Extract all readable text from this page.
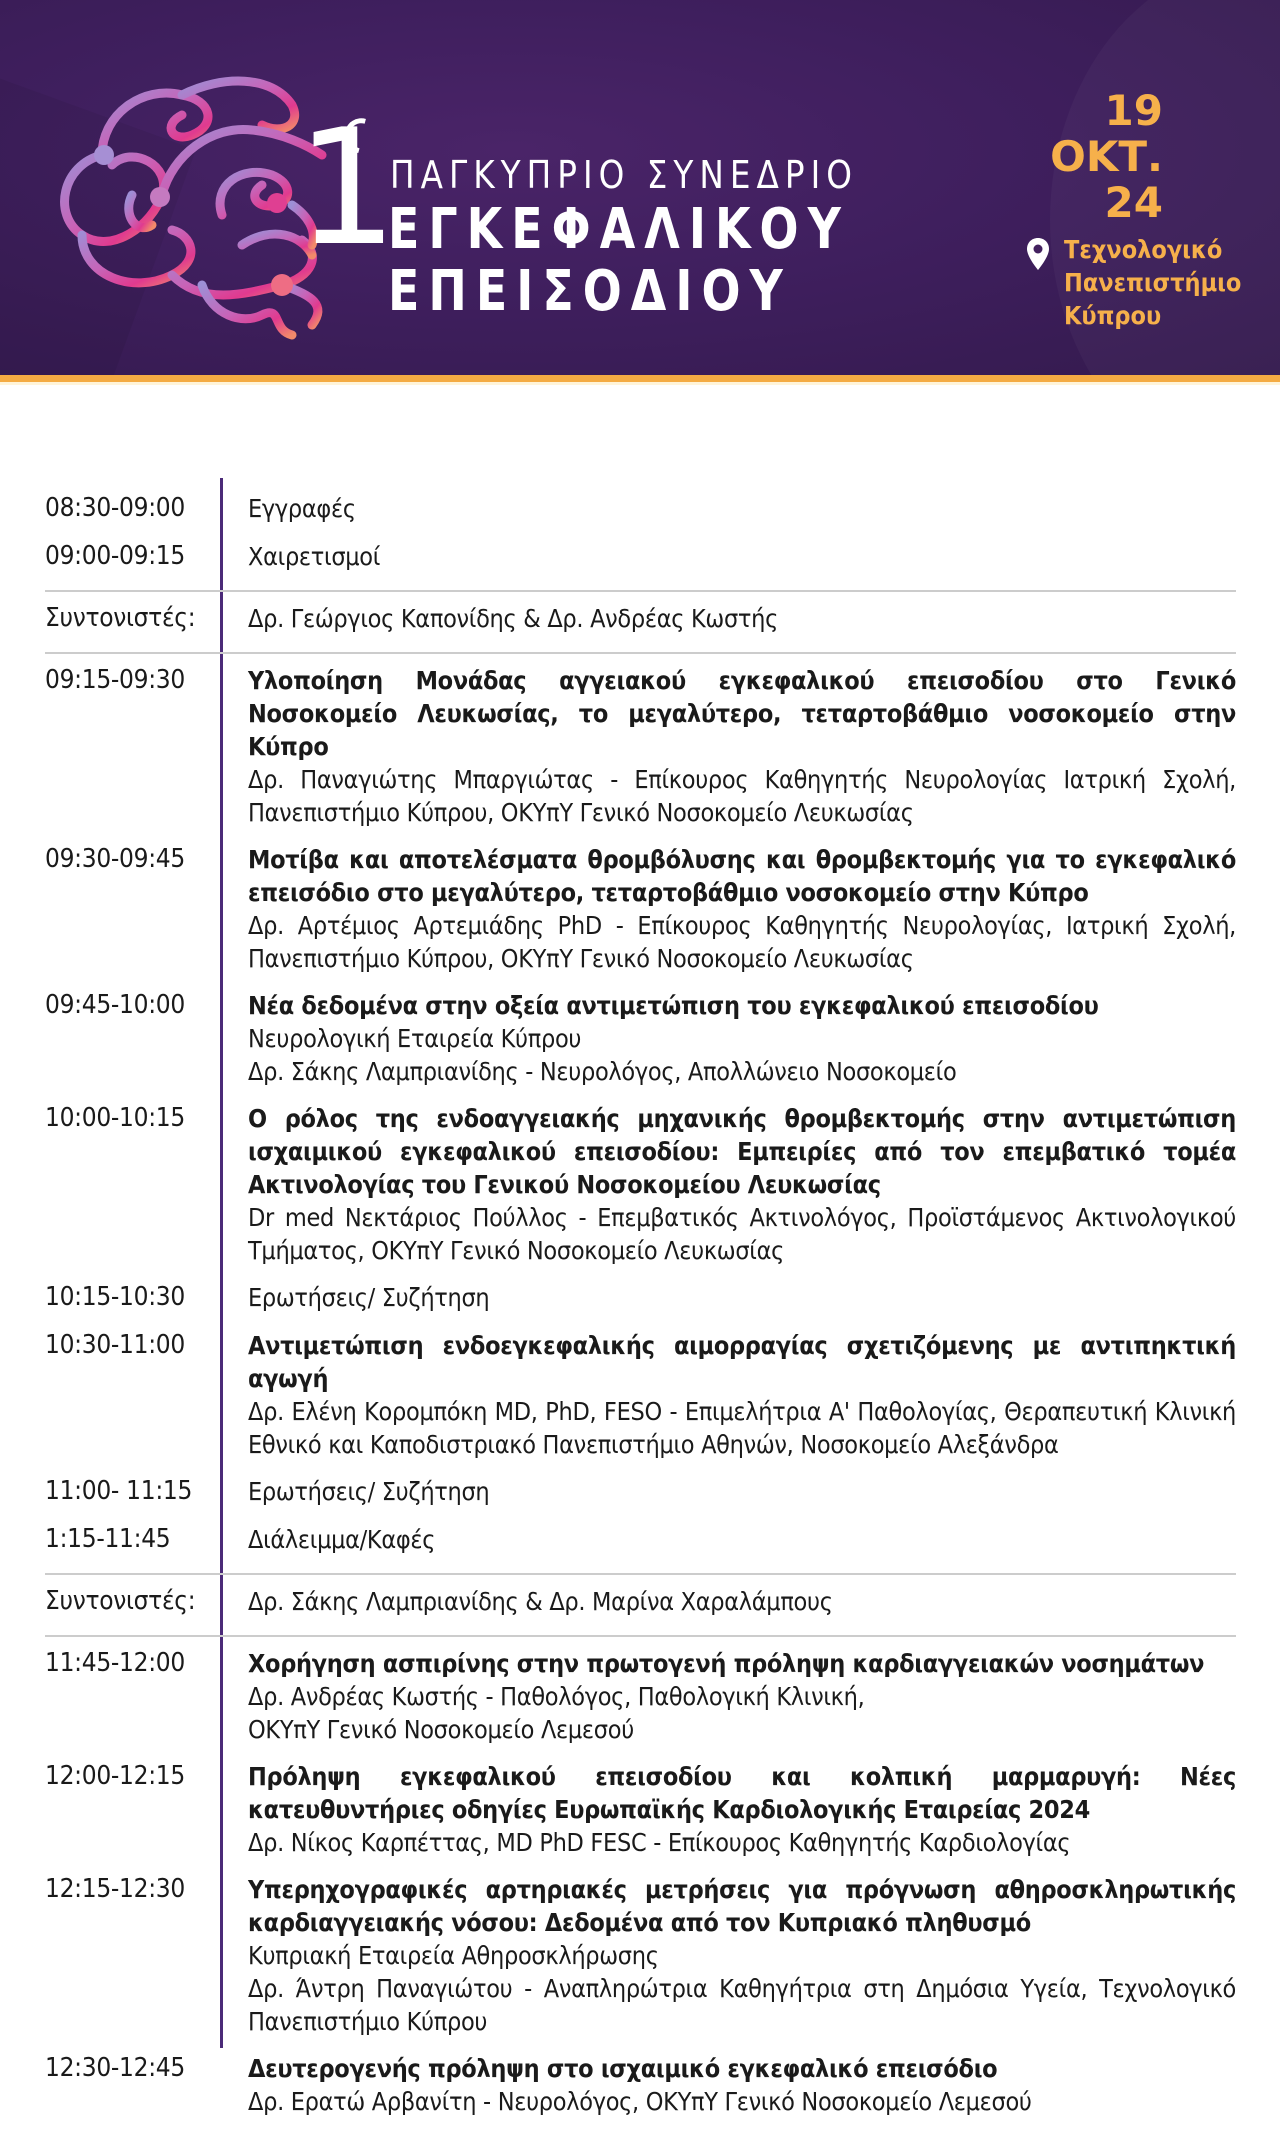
1
ΠΑΓΚΥΠΡΙΟ ΣΥΝΕΔΡΙΟ
ΕΓΚΕΦΑΛΙΚΟΥ
ΕΠΕΙΣΟΔΙΟΥ
19
ΟΚΤ.
24
Τεχνολογικό
Πανεπιστήμιο
Κύπρου
08:30-09:00	Εγγραφές
09:00-09:15	Χαιρετισμοί
Συντονιστές:	Δρ. Γεώργιος Καπονίδης & Δρ. Ανδρέας Κωστής
09:15-09:30	Υλοποίηση Μονάδας αγγειακού εγκεφαλικού επεισοδίου στο Γενικό Νοσοκομείο Λευκωσίας, το μεγαλύτερο, τεταρτοβάθμιο νοσοκομείο στην Κύπρο
Δρ. Παναγιώτης Μπαργιώτας - Επίκουρος Καθηγητής Νευρολογίας Ιατρική Σχολή, Πανεπιστήμιο Κύπρου, ΟΚΥπΥ Γενικό Νοσοκομείο Λευκωσίας
09:30-09:45	Μοτίβα και αποτελέσματα θρομβόλυσης και θρομβεκτομής για το εγκεφαλικό επεισόδιο στο μεγαλύτερο, τεταρτοβάθμιο νοσοκομείο στην Κύπρο
Δρ. Αρτέμιος Αρτεμιάδης PhD - Επίκουρος Καθηγητής Νευρολογίας, Ιατρική Σχολή, Πανεπιστήμιο Κύπρου, ΟΚΥπΥ Γενικό Νοσοκομείο Λευκωσίας
09:45-10:00	Νέα δεδομένα στην οξεία αντιμετώπιση του εγκεφαλικού επεισοδίου
Νευρολογική Εταιρεία Κύπρου
Δρ. Σάκης Λαμπριανίδης - Νευρολόγος, Απολλώνειο Νοσοκομείο
10:00-10:15	Ο ρόλος της ενδοαγγειακής μηχανικής θρομβεκτομής στην αντιμετώπιση ισχαιμικού εγκεφαλικού επεισοδίου: Εμπειρίες από τον επεμβατικό τομέα Ακτινολογίας του Γενικού Νοσοκομείου Λευκωσίας
Dr med Νεκτάριος Πούλλος - Επεμβατικός Ακτινολόγος, Προϊστάμενος Ακτινολογικού Τμήματος, ΟΚΥπΥ Γενικό Νοσοκομείο Λευκωσίας
10:15-10:30	Ερωτήσεις/ Συζήτηση
10:30-11:00	Αντιμετώπιση ενδοεγκεφαλικής αιμορραγίας σχετιζόμενης με αντιπηκτική αγωγή
Δρ. Ελένη Κορομπόκη MD, PhD, FESO - Επιμελήτρια Α' Παθολογίας, Θεραπευτική Κλινική Εθνικό και Καποδιστριακό Πανεπιστήμιο Αθηνών, Νοσοκομείο Αλεξάνδρα
11:00- 11:15	Ερωτήσεις/ Συζήτηση
1:15-11:45	Διάλειμμα/Καφές
Συντονιστές:	Δρ. Σάκης Λαμπριανίδης & Δρ. Μαρίνα Χαραλάμπους
11:45-12:00	Χορήγηση ασπιρίνης στην πρωτογενή πρόληψη καρδιαγγειακών νοσημάτων
Δρ. Ανδρέας Κωστής - Παθολόγος, Παθολογική Κλινική,
ΟΚΥπΥ Γενικό Νοσοκομείο Λεμεσού
12:00-12:15	Πρόληψη εγκεφαλικού επεισοδίου και κολπική μαρμαρυγή: Νέες κατευθυντήριες οδηγίες Ευρωπαϊκής Καρδιολογικής Εταιρείας 2024
Δρ. Νίκος Καρπέττας, MD PhD FESC - Επίκουρος Καθηγητής Καρδιολογίας
12:15-12:30	Υπερηχογραφικές αρτηριακές μετρήσεις για πρόγνωση αθηροσκληρωτικής καρδιαγγειακής νόσου: Δεδομένα από τον Κυπριακό πληθυσμό
Κυπριακή Εταιρεία Αθηροσκλήρωσης
Δρ. Άντρη Παναγιώτου - Αναπληρώτρια Καθηγήτρια στη Δημόσια Υγεία, Τεχνολογικό Πανεπιστήμιο Κύπρου
12:30-12:45	Δευτερογενής πρόληψη στο ισχαιμικό εγκεφαλικό επεισόδιο
Δρ. Ερατώ Αρβανίτη - Νευρολόγος, ΟΚΥπΥ Γενικό Νοσοκομείο Λεμεσού
